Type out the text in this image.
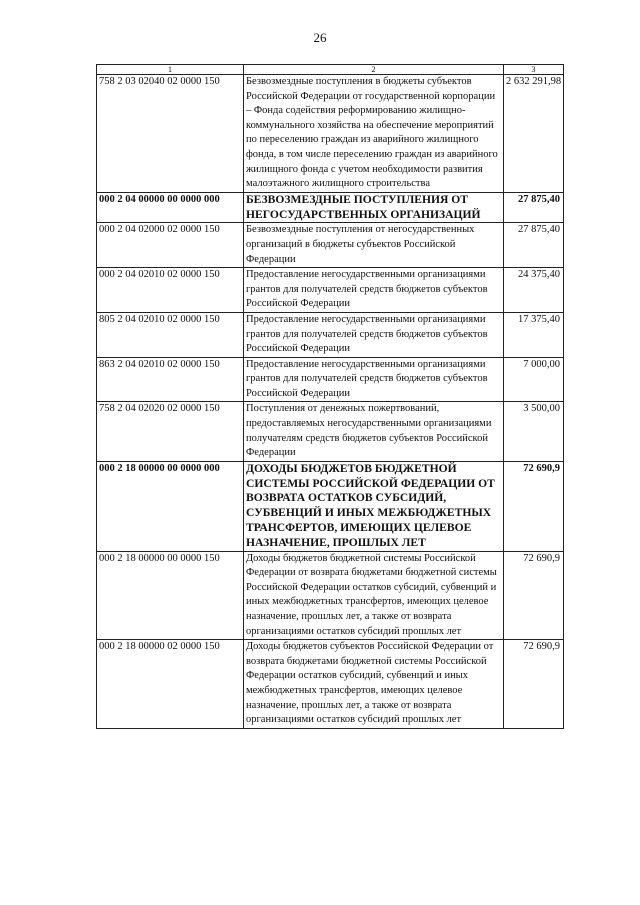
26
1	2	3
758 2 03 02040 02 0000 150	Безвозмездные поступления в бюджеты субъектов Российской Федерации от государственной корпорации – Фонда содействия реформированию жилищно-коммунального хозяйства на обеспечение мероприятий по переселению граждан из аварийного жилищного фонда, в том числе переселению граждан из аварийного жилищного фонда с учетом необходимости развития малоэтажного жилищного строительства	2 632 291,98
000 2 04 00000 00 0000 000	БЕЗВОЗМЕЗДНЫЕ ПОСТУПЛЕНИЯ ОТ НЕГОСУДАРСТВЕННЫХ ОРГАНИЗАЦИЙ	27 875,40
000 2 04 02000 02 0000 150	Безвозмездные поступления от негосударственных организаций в бюджеты субъектов Российской Федерации	27 875,40
000 2 04 02010 02 0000 150	Предоставление негосударственными организациями грантов для получателей средств бюджетов субъектов Российской Федерации	24 375,40
805 2 04 02010 02 0000 150	Предоставление негосударственными организациями грантов для получателей средств бюджетов субъектов Российской Федерации	17 375,40
863 2 04 02010 02 0000 150	Предоставление негосударственными организациями грантов для получателей средств бюджетов субъектов Российской Федерации	7 000,00
758 2 04 02020 02 0000 150	Поступления от денежных пожертвований, предоставляемых негосударственными организациями получателям средств бюджетов субъектов Российской Федерации	3 500,00
000 2 18 00000 00 0000 000	ДОХОДЫ БЮДЖЕТОВ БЮДЖЕТНОЙ СИСТЕМЫ РОССИЙСКОЙ ФЕДЕРАЦИИ ОТ ВОЗВРАТА ОСТАТКОВ СУБСИДИЙ, СУБВЕНЦИЙ И ИНЫХ МЕЖБЮДЖЕТНЫХ ТРАНСФЕРТОВ, ИМЕЮЩИХ ЦЕЛЕВОЕ НАЗНАЧЕНИЕ, ПРОШЛЫХ ЛЕТ	72 690,9
000 2 18 00000 00 0000 150	Доходы бюджетов бюджетной системы Российской Федерации от возврата бюджетами бюджетной системы Российской Федерации остатков субсидий, субвенций и иных межбюджетных трансфертов, имеющих целевое назначение, прошлых лет, а также от возврата организациями остатков субсидий прошлых лет	72 690,9
000 2 18 00000 02 0000 150	Доходы бюджетов субъектов Российской Федерации от возврата бюджетами бюджетной системы Российской Федерации остатков субсидий, субвенций и иных межбюджетных трансфертов, имеющих целевое назначение, прошлых лет, а также от возврата организациями остатков субсидий прошлых лет	72 690,9
